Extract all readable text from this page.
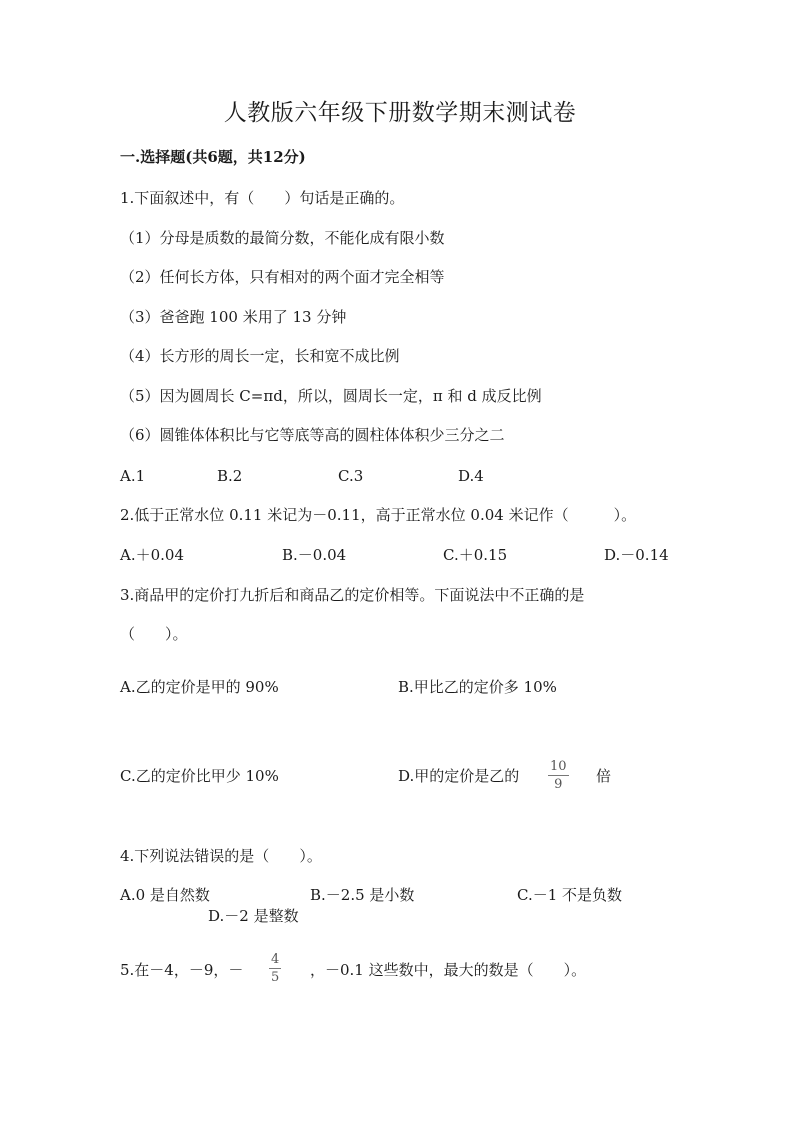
人教版六年级下册数学期末测试卷
一.选择题(共6题，共12分)
1.下面叙述中，有（　　）句话是正确的。
（1）分母是质数的最简分数，不能化成有限小数
（2）任何长方体，只有相对的两个面才完全相等
（3）爸爸跑 100 米用了 13 分钟
（4）长方形的周长一定，长和宽不成比例
（5）因为圆周长 C=πd，所以，圆周长一定，π 和 d 成反比例
（6）圆锥体体积比与它等底等高的圆柱体体积少三分之二
A.1	B.2	C.3	D.4
2.低于正常水位 0.11 米记为－0.11，高于正常水位 0.04 米记作（　　　）。
A.＋0.04	B.－0.04	C.＋0.15	D.－0.14
3.商品甲的定价打九折后和商品乙的定价相等。下面说法中不正确的是
（　　）。
A.乙的定价是甲的 90%	B.甲比乙的定价多 10%
C.乙的定价比甲少 10%	D.甲的定价是乙的 $\frac{10}{9}$ 倍
4.下列说法错误的是（　　）。
A.0 是自然数	B.－2.5 是小数	C.－1 不是负数
D.－2 是整数
5.在－4，－9，－ $\frac{4}{5}$ ，－0.1 这些数中，最大的数是（　　）。
